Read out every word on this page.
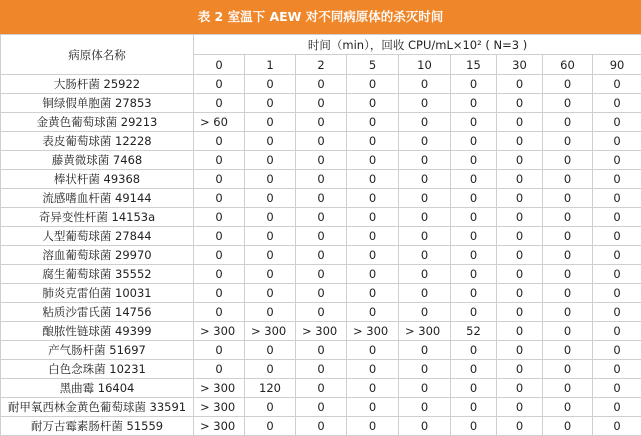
表 2 室温下 AEW 对不同病原体的杀灭时间
病原体名称	时间（min），回收 CPU/mL×10² ( N=3 )								
	0	1	2	5	10	15	30	60	90
大肠杆菌 25922	0	0	0	0	0	0	0	0	0
铜绿假单胞菌 27853	0	0	0	0	0	0	0	0	0
金黄色葡萄球菌 29213	> 60	0	0	0	0	0	0	0	0
表皮葡萄球菌 12228	0	0	0	0	0	0	0	0	0
藤黄微球菌 7468	0	0	0	0	0	0	0	0	0
棒状杆菌 49368	0	0	0	0	0	0	0	0	0
流感嗜血杆菌 49144	0	0	0	0	0	0	0	0	0
奇异变性杆菌 14153a	0	0	0	0	0	0	0	0	0
人型葡萄球菌 27844	0	0	0	0	0	0	0	0	0
溶血葡萄球菌 29970	0	0	0	0	0	0	0	0	0
腐生葡萄球菌 35552	0	0	0	0	0	0	0	0	0
肺炎克雷伯菌 10031	0	0	0	0	0	0	0	0	0
粘质沙雷氏菌 14756	0	0	0	0	0	0	0	0	0
酿脓性链球菌 49399	> 300	> 300	> 300	> 300	> 300	52	0	0	0
产气肠杆菌 51697	0	0	0	0	0	0	0	0	0
白色念珠菌 10231	0	0	0	0	0	0	0	0	0
黑曲霉 16404	> 300	120	0	0	0	0	0	0	0
耐甲氧西林金黄色葡萄球菌 33591	> 300	0	0	0	0	0	0	0	0
耐万古霉素肠杆菌 51559	> 300	0	0	0	0	0	0	0	0
